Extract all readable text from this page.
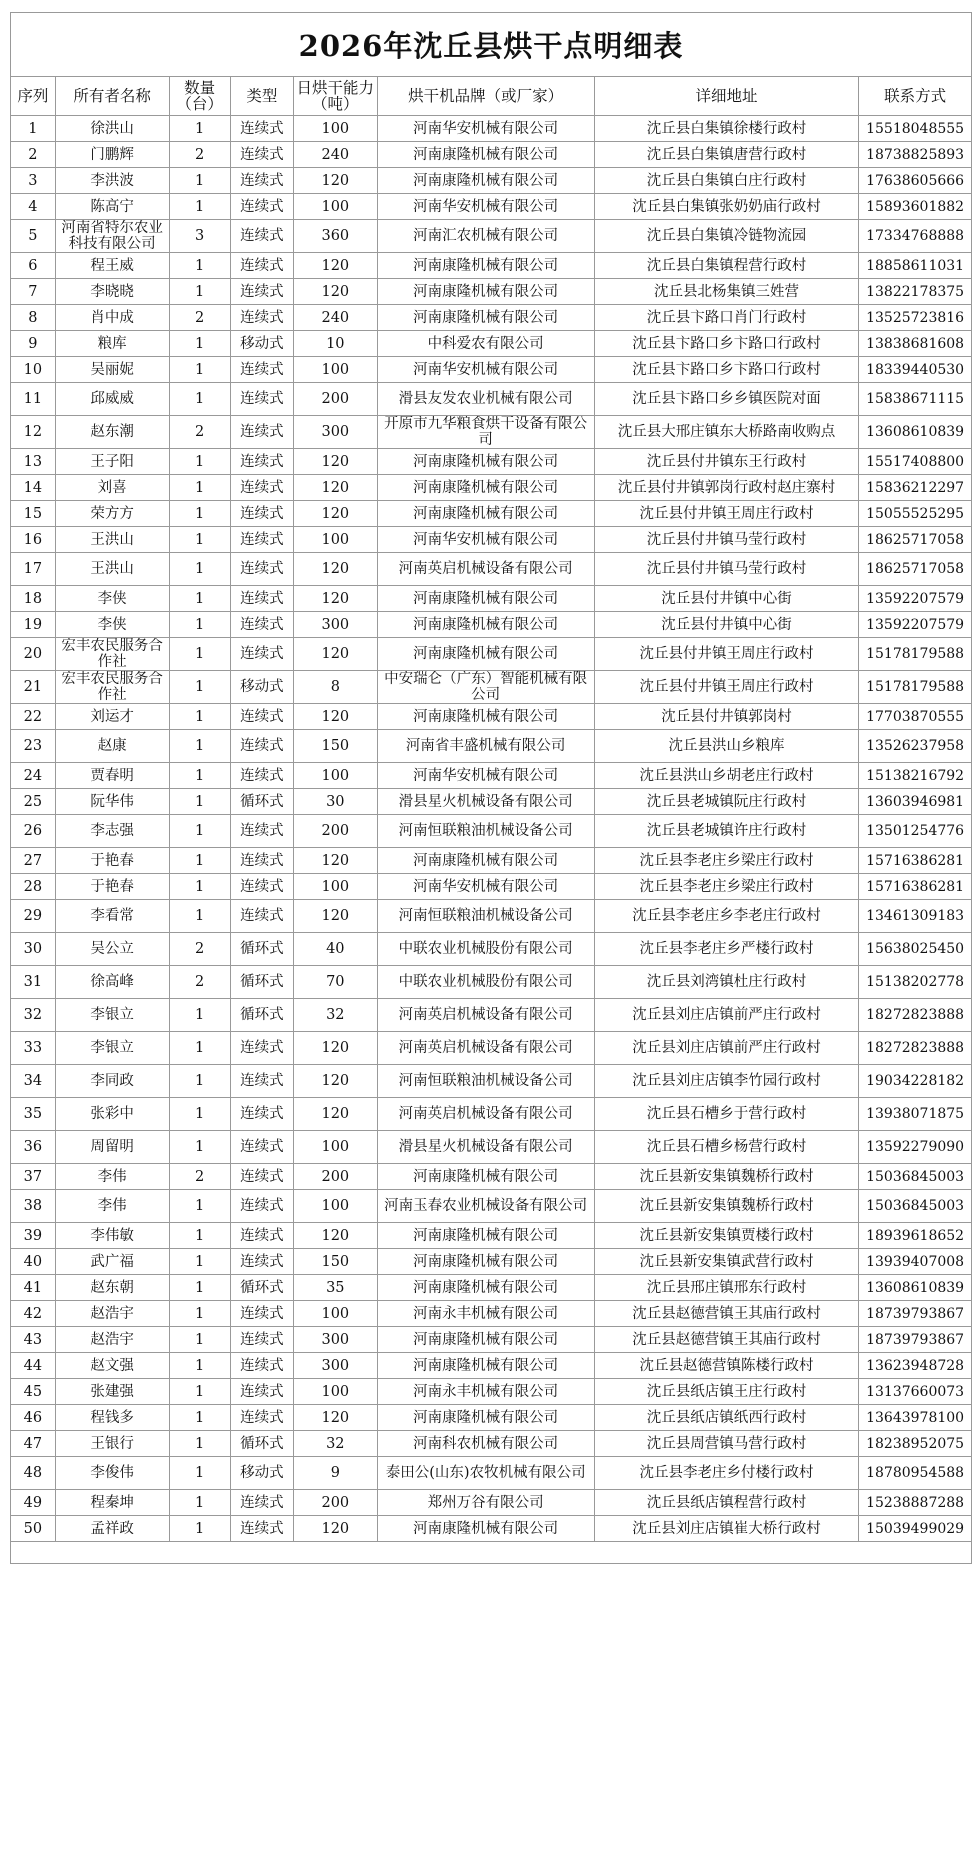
2026年沈丘县烘干点明细表
序列	所有者名称	数量（台）	类型	日烘干能力（吨）	烘干机品牌（或厂家）	详细地址	联系方式
1	徐洪山	1	连续式	100	河南华安机械有限公司	沈丘县白集镇徐楼行政村	15518048555
2	门鹏辉	2	连续式	240	河南康隆机械有限公司	沈丘县白集镇唐营行政村	18738825893
3	李洪波	1	连续式	120	河南康隆机械有限公司	沈丘县白集镇白庄行政村	17638605666
4	陈高宁	1	连续式	100	河南华安机械有限公司	沈丘县白集镇张奶奶庙行政村	15893601882
5	河南省特尔农业科技有限公司	3	连续式	360	河南汇农机械有限公司	沈丘县白集镇冷链物流园	17334768888
6	程王威	1	连续式	120	河南康隆机械有限公司	沈丘县白集镇程营行政村	18858611031
7	李晓晓	1	连续式	120	河南康隆机械有限公司	沈丘县北杨集镇三姓营	13822178375
8	肖中成	2	连续式	240	河南康隆机械有限公司	沈丘县卞路口肖门行政村	13525723816
9	粮库	1	移动式	10	中科爱农有限公司	沈丘县卞路口乡卞路口行政村	13838681608
10	吴丽妮	1	连续式	100	河南华安机械有限公司	沈丘县卞路口乡卞路口行政村	18339440530
11	邱威威	1	连续式	200	滑县友发农业机械有限公司	沈丘县卞路口乡乡镇医院对面	15838671115
12	赵东潮	2	连续式	300	开原市九华粮食烘干设备有限公司	沈丘县大邢庄镇东大桥路南收购点	13608610839
13	王子阳	1	连续式	120	河南康隆机械有限公司	沈丘县付井镇东王行政村	15517408800
14	刘喜	1	连续式	120	河南康隆机械有限公司	沈丘县付井镇郭岗行政村赵庄寨村	15836212297
15	荣方方	1	连续式	120	河南康隆机械有限公司	沈丘县付井镇王周庄行政村	15055525295
16	王洪山	1	连续式	100	河南华安机械有限公司	沈丘县付井镇马莹行政村	18625717058
17	王洪山	1	连续式	120	河南英启机械设备有限公司	沈丘县付井镇马莹行政村	18625717058
18	李侠	1	连续式	120	河南康隆机械有限公司	沈丘县付井镇中心街	13592207579
19	李侠	1	连续式	300	河南康隆机械有限公司	沈丘县付井镇中心街	13592207579
20	宏丰农民服务合作社	1	连续式	120	河南康隆机械有限公司	沈丘县付井镇王周庄行政村	15178179588
21	宏丰农民服务合作社	1	移动式	8	中安瑞仑（广东）智能机械有限公司	沈丘县付井镇王周庄行政村	15178179588
22	刘运才	1	连续式	120	河南康隆机械有限公司	沈丘县付井镇郭岗村	17703870555
23	赵康	1	连续式	150	河南省丰盛机械有限公司	沈丘县洪山乡粮库	13526237958
24	贾春明	1	连续式	100	河南华安机械有限公司	沈丘县洪山乡胡老庄行政村	15138216792
25	阮华伟	1	循环式	30	滑县星火机械设备有限公司	沈丘县老城镇阮庄行政村	13603946981
26	李志强	1	连续式	200	河南恒联粮油机械设备公司	沈丘县老城镇许庄行政村	13501254776
27	于艳春	1	连续式	120	河南康隆机械有限公司	沈丘县李老庄乡梁庄行政村	15716386281
28	于艳春	1	连续式	100	河南华安机械有限公司	沈丘县李老庄乡梁庄行政村	15716386281
29	李看常	1	连续式	120	河南恒联粮油机械设备公司	沈丘县李老庄乡李老庄行政村	13461309183
30	吴公立	2	循环式	40	中联农业机械股份有限公司	沈丘县李老庄乡严楼行政村	15638025450
31	徐高峰	2	循环式	70	中联农业机械股份有限公司	沈丘县刘湾镇杜庄行政村	15138202778
32	李银立	1	循环式	32	河南英启机械设备有限公司	沈丘县刘庄店镇前严庄行政村	18272823888
33	李银立	1	连续式	120	河南英启机械设备有限公司	沈丘县刘庄店镇前严庄行政村	18272823888
34	李同政	1	连续式	120	河南恒联粮油机械设备公司	沈丘县刘庄店镇李竹园行政村	19034228182
35	张彩中	1	连续式	120	河南英启机械设备有限公司	沈丘县石槽乡于营行政村	13938071875
36	周留明	1	连续式	100	滑县星火机械设备有限公司	沈丘县石槽乡杨营行政村	13592279090
37	李伟	2	连续式	200	河南康隆机械有限公司	沈丘县新安集镇魏桥行政村	15036845003
38	李伟	1	连续式	100	河南玉春农业机械设备有限公司	沈丘县新安集镇魏桥行政村	15036845003
39	李伟敏	1	连续式	120	河南康隆机械有限公司	沈丘县新安集镇贾楼行政村	18939618652
40	武广福	1	连续式	150	河南康隆机械有限公司	沈丘县新安集镇武营行政村	13939407008
41	赵东朝	1	循环式	35	河南康隆机械有限公司	沈丘县邢庄镇邢东行政村	13608610839
42	赵浩宇	1	连续式	100	河南永丰机械有限公司	沈丘县赵德营镇王其庙行政村	18739793867
43	赵浩宇	1	连续式	300	河南康隆机械有限公司	沈丘县赵德营镇王其庙行政村	18739793867
44	赵文强	1	连续式	300	河南康隆机械有限公司	沈丘县赵德营镇陈楼行政村	13623948728
45	张建强	1	连续式	100	河南永丰机械有限公司	沈丘县纸店镇王庄行政村	13137660073
46	程钱多	1	连续式	120	河南康隆机械有限公司	沈丘县纸店镇纸西行政村	13643978100
47	王银行	1	循环式	32	河南科农机械有限公司	沈丘县周营镇马营行政村	18238952075
48	李俊伟	1	移动式	9	泰田公(山东)农牧机械有限公司	沈丘县李老庄乡付楼行政村	18780954588
49	程秦坤	1	连续式	200	郑州万谷有限公司	沈丘县纸店镇程营行政村	15238887288
50	孟祥政	1	连续式	120	河南康隆机械有限公司	沈丘县刘庄店镇崔大桥行政村	15039499029
